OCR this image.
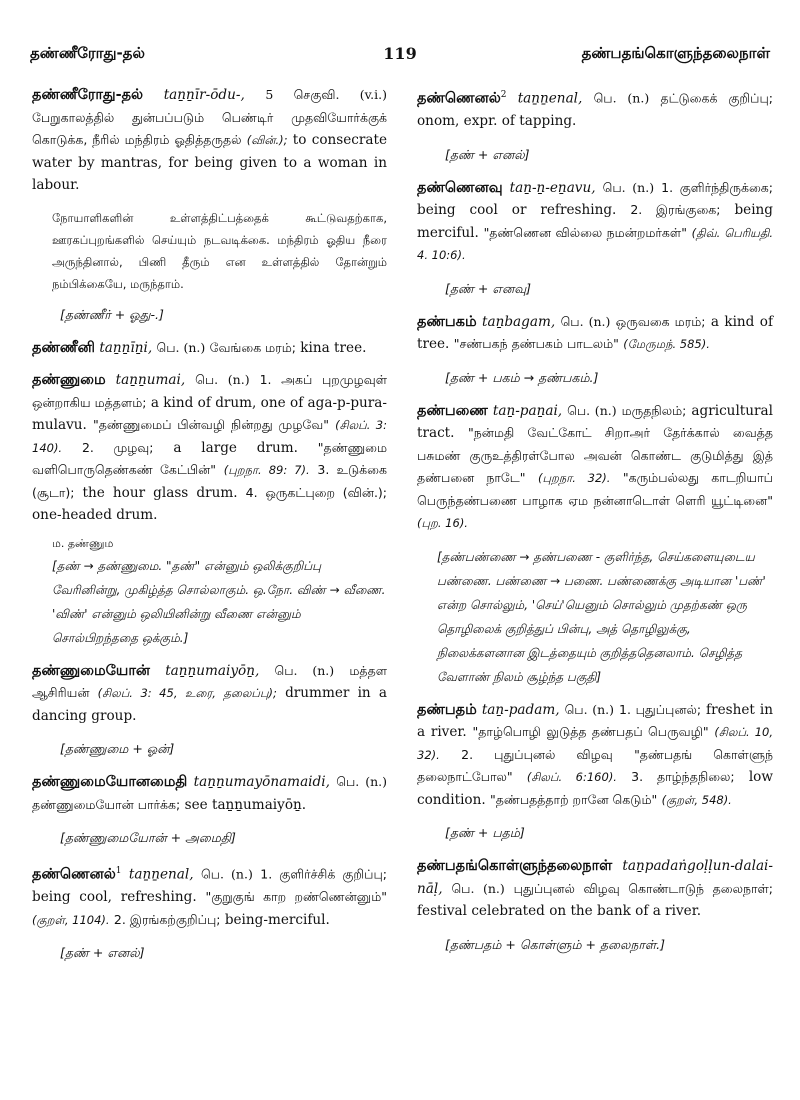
தண்ணீரோது-தல்	119	தண்பதங்கொளுந்தலைநாள்
தண்ணீரோது-தல் taṉṉīr-ōdu-, 5 செகுவி. (v.i.) பேறுகாலத்தில் துன்பப்படும் பெண்டிர் முதவியோர்க்குக் கொடுக்க, நீரில் மந்திரம் ஓதித்தருதல் (வின்.); to consecrate water by mantras, for being given to a woman in labour.
நோயாளிகளின் உள்ளத்திட்பத்தைக் கூட்டுவதற்காக, ஊரகப்புறங்களில் செய்யும் நடவடிக்கை. மந்திரம் ஓதிய நீரை அருந்தினால், பிணி தீரும் என உள்ளத்தில் தோன்றும் நம்பிக்கையே, மருந்தாம்.
[தண்ணீர் + ஓது-.]
தண்ணீனி taṉṉīṉi, பெ. (n.) வேங்கை மரம்; kina tree.
தண்ணுமை taṉṉumai, பெ. (n.) 1. அகப் புறமுழவுள் ஒன்றாகிய மத்தளம்; a kind of drum, one of aga-p-pura-mulavu. "தண்ணுமைப் பின்வழி நின்றது முழவே" (சிலப். 3: 140). 2. முழவு; a large drum. "தண்ணுமை வளிபொருதெண்கண் கேட்பின்" (புறநா. 89: 7). 3. உடுக்கை (சூடா); the hour glass drum. 4. ஒருகட்புறை (வின்.); one-headed drum.
ம. தண்ணும
[தண் → தண்ணுமை. "தண்" என்னும் ஒலிக்குறிப்பு வேரினின்று, முகிழ்த்த சொல்லாகும். ஒ.நோ. விண் → வீணை. 'விண்' என்னும் ஒலியினின்று வீணை என்னும் சொல்பிறந்ததை ஒக்கும்.]
தண்ணுமையோன் taṉṉumaiyōṉ, பெ. (n.) மத்தள ஆசிரியன் (சிலப். 3: 45, உரை, தலைப்பு); drummer in a dancing group.
[தண்ணுமை + ஓன்]
தண்ணுமையோனமைதி taṉṉumayōnamaidi, பெ. (n.) தண்ணுமையோன் பார்க்க; see taṉṉumaiyōṉ.
[தண்ணுமையோன் + அமைதி]
தண்ணெனல்$^1$ taṉṉenal, பெ. (n.) 1. குளிர்ச்சிக் குறிப்பு; being cool, refreshing. "குறுகுங் காற றண்ணென்னும்" (குறள், 1104). 2. இரங்கற்குறிப்பு; being-merciful.
[தண் + எனல்]
தண்ணெனல்$^2$ taṉṉenal, பெ. (n.) தட்டுகைக் குறிப்பு; onom, expr. of tapping.
[தண் + எனல்]
தண்ணெனவு taṉ-ṉ-eṉavu, பெ. (n.) 1. குளிர்ந்திருக்கை; being cool or refreshing. 2. இரங்குகை; being merciful. "தண்ணென வில்லை நமன்றமர்கள்" (திவ். பெரியதி. 4. 10:6).
[தண் + எனவு]
தண்பகம் taṉbagam, பெ. (n.) ஒருவகை மரம்; a kind of tree. "சண்பகந் தண்பகம் பாடலம்" (மேருமந். 585).
[தண் + பகம் → தண்பகம்.]
தண்பணை taṉ-paṉai, பெ. (n.) மருதநிலம்; agricultural tract. "நன்மதி வேட்கோட் சிறாஅர் தேர்க்கால் வைத்த பசுமண் குருஉத்திரள்போல அவன் கொண்ட குடுமித்து இத் தண்பனை நாடே" (புறநா. 32). "கரும்பல்லது காடறியாப் பெருந்தண்பணை பாழாக ஏம நன்னாடொள் ளெரி யூட்டினை" (புற. 16).
[தண்பண்ணை → தண்பணை - குளிர்ந்த, செய்களையுடைய பண்ணை. பண்ணை → பணை. பண்ணைக்கு அடியான 'பண்' என்ற சொல்லும், 'செய்'யெனும் சொல்லும் முதற்கண் ஒரு தொழிலைக் குறித்துப் பின்பு, அத் தொழிலுக்கு, நிலைக்களனான இடத்தையும் குறித்ததெனலாம். செழித்த வேளாண் நிலம் சூழ்ந்த பகுதி]
தண்பதம் taṉ-padam, பெ. (n.) 1. புதுப்புனல்; freshet in a river. "தாழ்பொழி லுடுத்த தண்பதப் பெருவழி" (சிலப். 10, 32). 2. புதுப்புனல் விழவு "தண்பதங் கொள்ளுந் தலைநாட்போல" (சிலப். 6:160). 3. தாழ்ந்தநிலை; low condition. "தண்பதத்தாற் றானே கெடும்" (குறள், 548).
[தண் + பதம்]
தண்பதங்கொள்ளுந்தலைநாள் taṉpadaṅgoḷḷun-dalai-nāḷ, பெ. (n.) புதுப்புனல் விழவு கொண்டாடுந் தலைநாள்; festival celebrated on the bank of a river.
[தண்பதம் + கொள்ளும் + தலைநாள்.]
